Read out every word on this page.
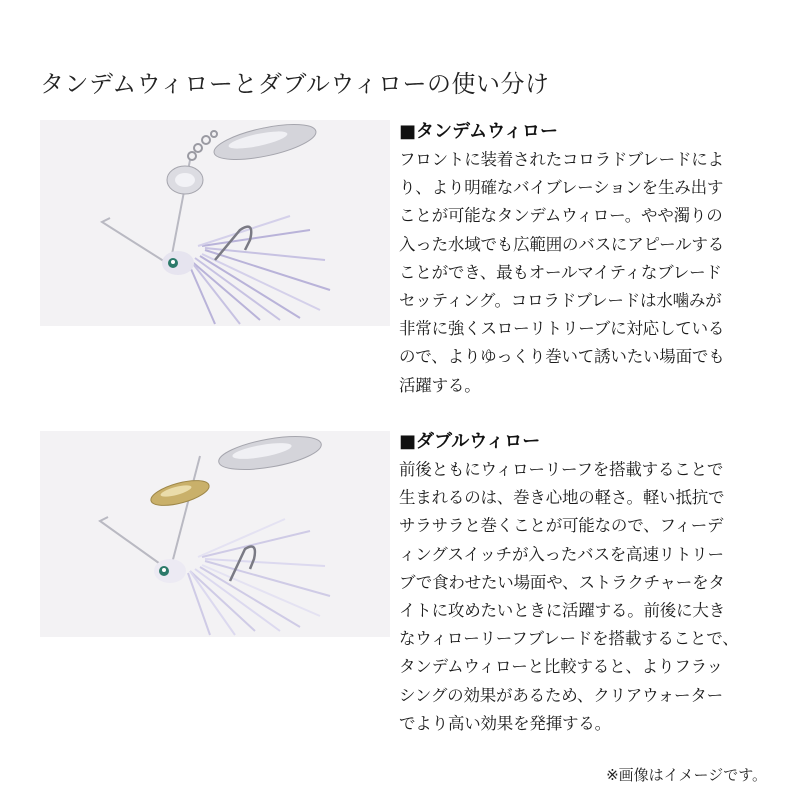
タンデムウィローとダブルウィローの使い分け
■タンデムウィロー
フロントに装着されたコロラドブレードによ
り、より明確なバイブレーションを生み出す
ことが可能なタンデムウィロー。やや濁りの
入った水域でも広範囲のバスにアピールする
ことができ、最もオールマイティなブレード
セッティング。コロラドブレードは水噛みが
非常に強くスローリトリーブに対応している
ので、よりゆっくり巻いて誘いたい場面でも
活躍する。
■ダブルウィロー
前後ともにウィローリーフを搭載することで
生まれるのは、巻き心地の軽さ。軽い抵抗で
サラサラと巻くことが可能なので、フィーデ
ィングスイッチが入ったバスを高速リトリー
ブで食わせたい場面や、ストラクチャーをタ
イトに攻めたいときに活躍する。前後に大き
なウィローリーフブレードを搭載することで、
タンデムウィローと比較すると、よりフラッ
シングの効果があるため、クリアウォーター
でより高い効果を発揮する。
※画像はイメージです。
